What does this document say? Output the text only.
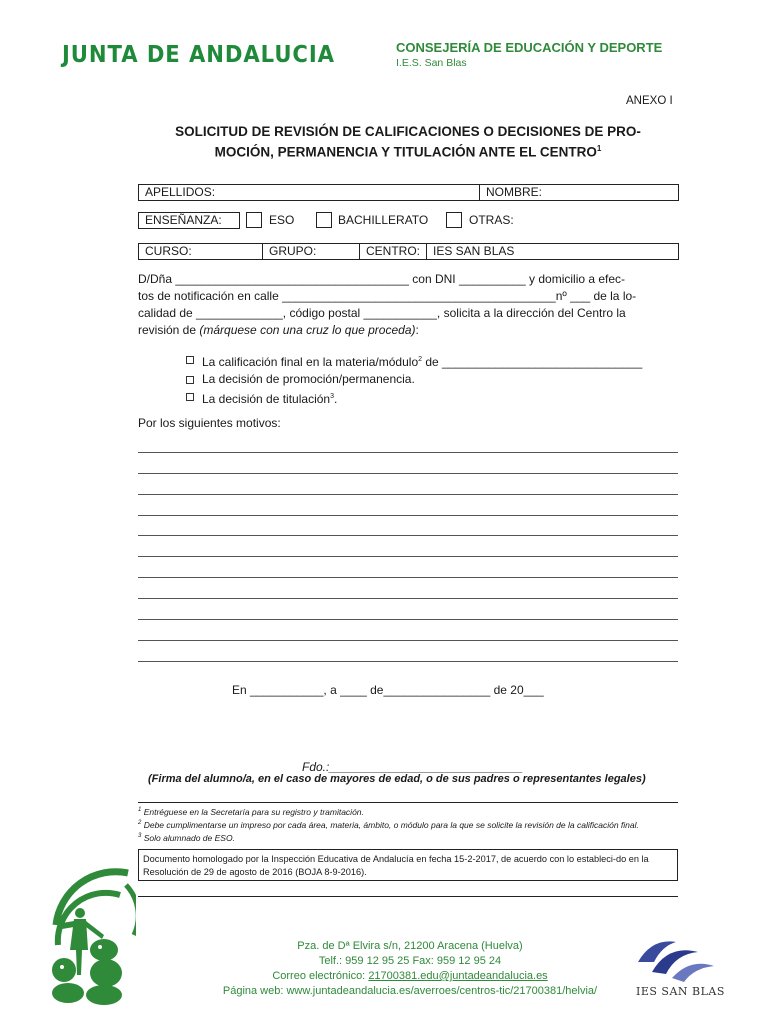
JUNTA DE ANDALUCIA	CONSEJERÍA DE EDUCACIÓN Y DEPORTE
I.E.S. San Blas
ANEXO I
SOLICITUD DE REVISIÓN DE CALIFICACIONES O DECISIONES DE PRO-
MOCIÓN, PERMANENCIA Y TITULACIÓN ANTE EL CENTRO$^1$
APELLIDOS:	NOMBRE:
ENSEÑANZA:	ESO	BACHILLERATO	OTRAS:
CURSO:	GRUPO:	CENTRO:	IES SAN BLAS

D/Dña ___________________________________ con DNI __________ y domicilio a efec-

tos de notificación en calle _________________________________________nº ___ de la lo-

calidad de _____________, código postal ___________, solicita a la dirección del Centro la

revisión de (márquese con una cruz lo que proceda):

La calificación final en la materia/módulo$^2$ de ______________________________
La decisión de promoción/permanencia.
La decisión de titulación$^3$.
Por los siguientes motivos:
En ___________, a ____ de________________ de 20___
Fdo.:_____________________________
(Firma del alumno/a, en el caso de mayores de edad, o de sus padres o representantes legales)

$^1$ Entréguese en la Secretaría para su registro y tramitación.

$^2$ Debe cumplimentarse un impreso por cada área, materia, ámbito, o módulo para la que se solicite la revisión de la calificación final.

$^3$ Solo alumnado de ESO.

Documento homologado por la Inspección Educativa de Andalucía en fecha 15-2-2017, de acuerdo con lo estableci-do en la Resolución de 29 de agosto de 2016 (BOJA 8-9-2016).
Pza. de Dª Elvira s/n, 21200 Aracena (Huelva)
Telf.: 959 12 95 25 Fax: 959 12 95 24
Correo electrónico: 21700381.edu@juntadeandalucia.es
Página web: www.juntadeandalucia.es/averroes/centros-tic/21700381/helvia/	IES SAN BLAS
